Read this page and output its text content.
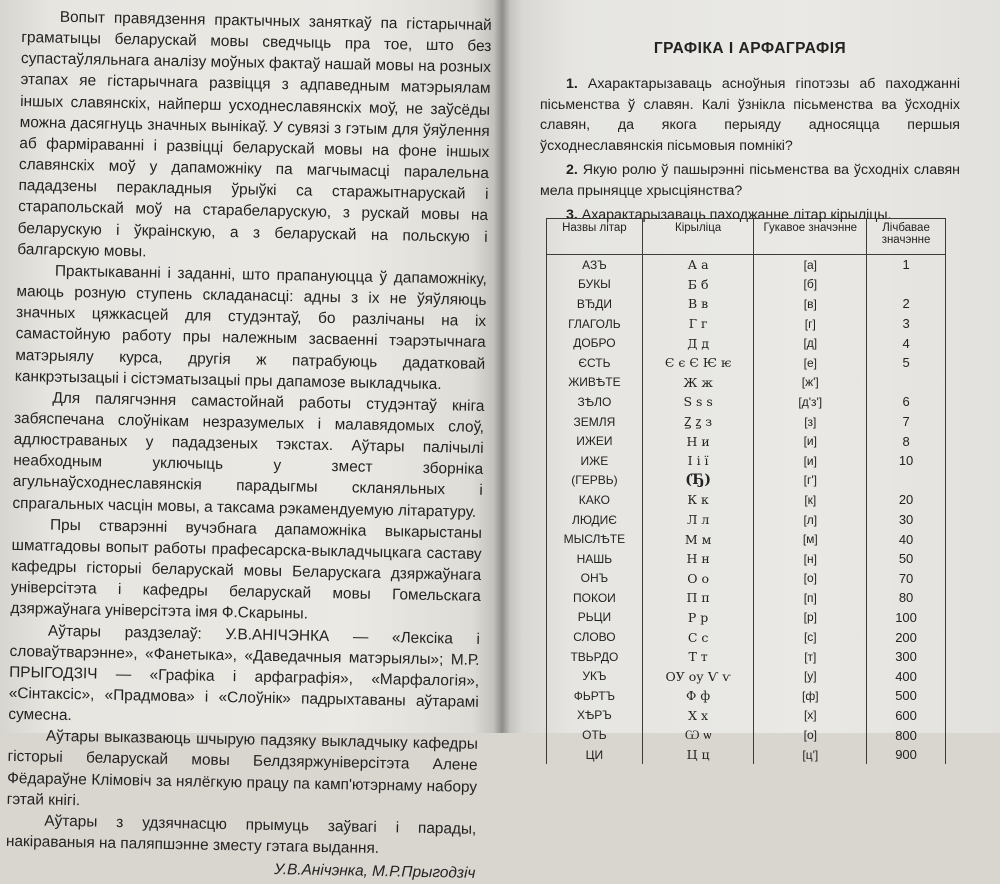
Вопыт правядзення практычных заняткаў па гістарычнай граматыцы беларускай мовы сведчыць пра тое, што без супастаўляльнага аналізу моўных фактаў нашай мовы на розных этапах яе гістарычнага развіцця з адпаведным матэрыялам іншых славянскіх, найперш усходнеславянскіх моў, не заўсёды можна дасягнуць значных вынікаў. У сувязі з гэтым для ўяўлення аб фарміраванні і развіцці беларускай мовы на фоне іншых славянскіх моў у дапаможніку па магчымасці паралельна пададзены перакладныя ўрыўкі са старажытнарускай і старапольскай моў на старабеларускую, з рускай мовы на беларускую і ўкраінскую, а з беларускай на польскую і балгарскую мовы.

Практыкаванні і заданні, што прапануюцца ў дапаможніку, маюць розную ступень складанасці: адны з іх не ўяўляюць значных цяжкасцей для студэнтаў, бо разлічаны на іх самастойную работу пры належным засваенні тэарэтычнага матэрыялу курса, другія ж патрабуюць дадатковай канкрэтызацыі і сістэматызацыі пры дапамозе выкладчыка.

Для палягчэння самастойнай работы студэнтаў кніга забяспечана слоўнікам незразумелых і малавядомых слоў, адлюстраваных у пададзеных тэкстах. Аўтары палічылі неабходным уключыць у змест зборніка агульнаўсходнеславянскія парадыгмы скланяльных і спрагальных часцін мовы, а таксама рэкамендуемую літаратуру.

Пры стварэнні вучэбнага дапаможніка выкарыстаны шматгадовы вопыт работы прафесарска-выкладчыцкага саставу кафедры гісторыі беларускай мовы Беларускага дзяржаўнага універсітэта і кафедры беларускай мовы Гомельскага дзяржаўнага універсітэта імя Ф.Скарыны.

Аўтары раздзелаў: У.В.АНІЧЭНКА — «Лексіка і словаўтварэнне», «Фанетыка», «Даведачныя матэрыялы»; М.Р. ПРЫГОДЗІЧ — «Графіка і арфаграфія», «Марфалогія», «Сінтаксіс», «Прадмова» і «Слоўнік» падрыхтаваны аўтарамі сумесна.

Аўтары выказваюць шчырую падзяку выкладчыку кафедры гісторыі беларускай мовы Белдзяржуніверсітэта Алене Фёдараўне Клімовіч за нялёгкую працу па камп'ютэрнаму набору гэтай кнігі.

Аўтары з удзячнасцю прымуць заўвагі і парады, накіраваныя на паляпшэнне зместу гэтага выдання.

У.В.Анічэнка, М.Р.Прыгодзіч

ГРАФІКА І АРФАГРАФІЯ

1. Ахарактарызаваць асноўныя гіпотэзы аб паходжанні пісьменства ў славян. Калі ўзнікла пісьменства ва ўсходніх славян, да якога перыяду адносяцца першыя ўсходнеславянскія пісьмовыя помнікі?

2. Якую ролю ў пашырэнні пісьменства ва ўсходніх славян мела прыняцце хрысціянства?

3. Ахарактарызаваць паходжанне літар кірыліцы.

Назвы літар	Кірыліца	Гукавое значэнне	Лічбавае значэнне
АЗЪ	А а	[а]	1
БУКЫ	Б б	[б]	
ВЂДИ	В в	[в]	2
ГЛАГОЛЬ	Г г	[г]	3
ДОБРО	Д д	[д]	4
ЄСТЬ	Є є Є Ѥ ѥ	[е]	5
ЖИВѢТЕ	Ж ж	[ж']	
ЗѢЛО	Ѕ ѕ s	[д'з']	6
ЗЕМЛЯ	Ꙁ ꙁ з	[з]	7
ИЖЕИ	Н и	[и]	8
ИЖЕ	І і ї	[и]	10
(ГЕРВЬ)	(Ђ)	[г']	
КАКО	К к	[к]	20
ЛЮДИЄ	Л л	[л]	30
МЫСЛѢТЕ	М м	[м]	40
НАШЬ	Н н	[н]	50
ОНЪ	О о	[о]	70
ПОКОИ	П п	[п]	80
РЬЦИ	Р р	[р]	100
СЛОВО	С с	[с]	200
ТВЬРДО	Т т	[т]	300
УКЪ	ОУ оу Ѵ ѵ	[у]	400
ФЬРТЪ	Ф ф	[ф]	500
ХѢРЪ	Х х	[х]	600
ОТЬ	Ѡ ѡ	[о]	800
ЦИ	Ц ц	[ц']	900
